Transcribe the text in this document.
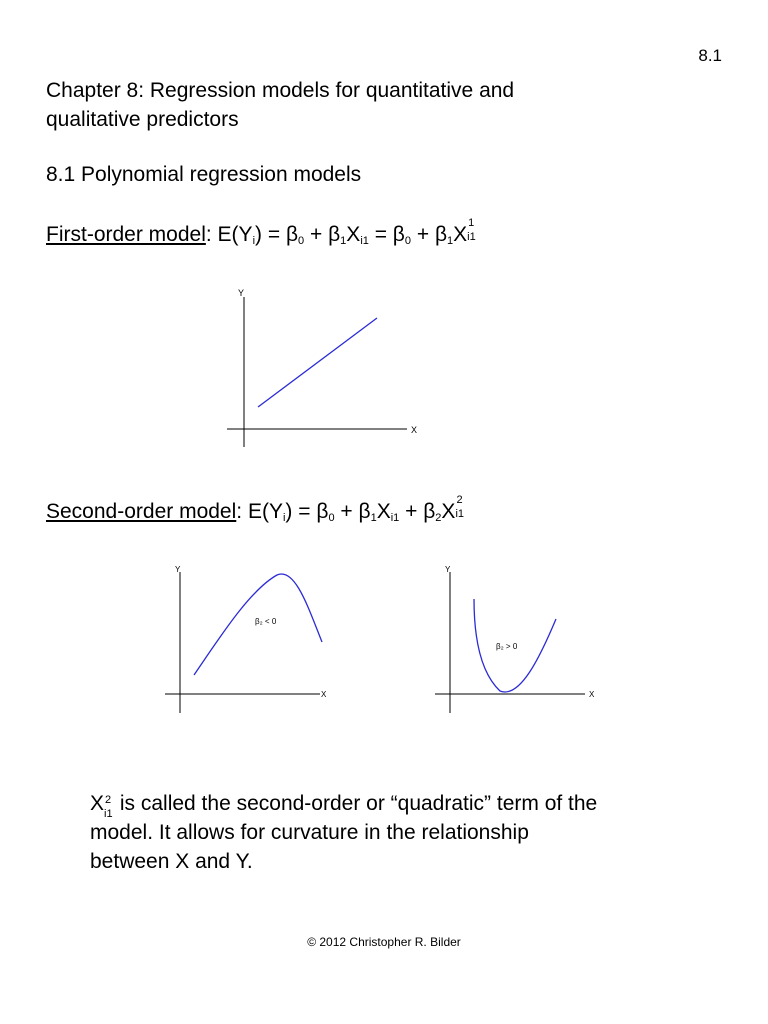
8.1
Chapter 8: Regression models for quantitative and
qualitative predictors
8.1 Polynomial regression models
First-order model: $E(Y_i) = \beta_0 + \beta_1X_{i1} = \beta_0 + \beta_1X$ 1
i1
Y
X
Second-order model: $E(Y_i) = \beta_0 + \beta_1X_{i1} + \beta_2X$ 2
i1
Y
X
β₂ < 0
Y
X
β₂ > 0
X 2
i1 is called the second-order or “quadratic” term of the
model. It allows for curvature in the relationship
between X and Y.
© 2012 Christopher R. Bilder
